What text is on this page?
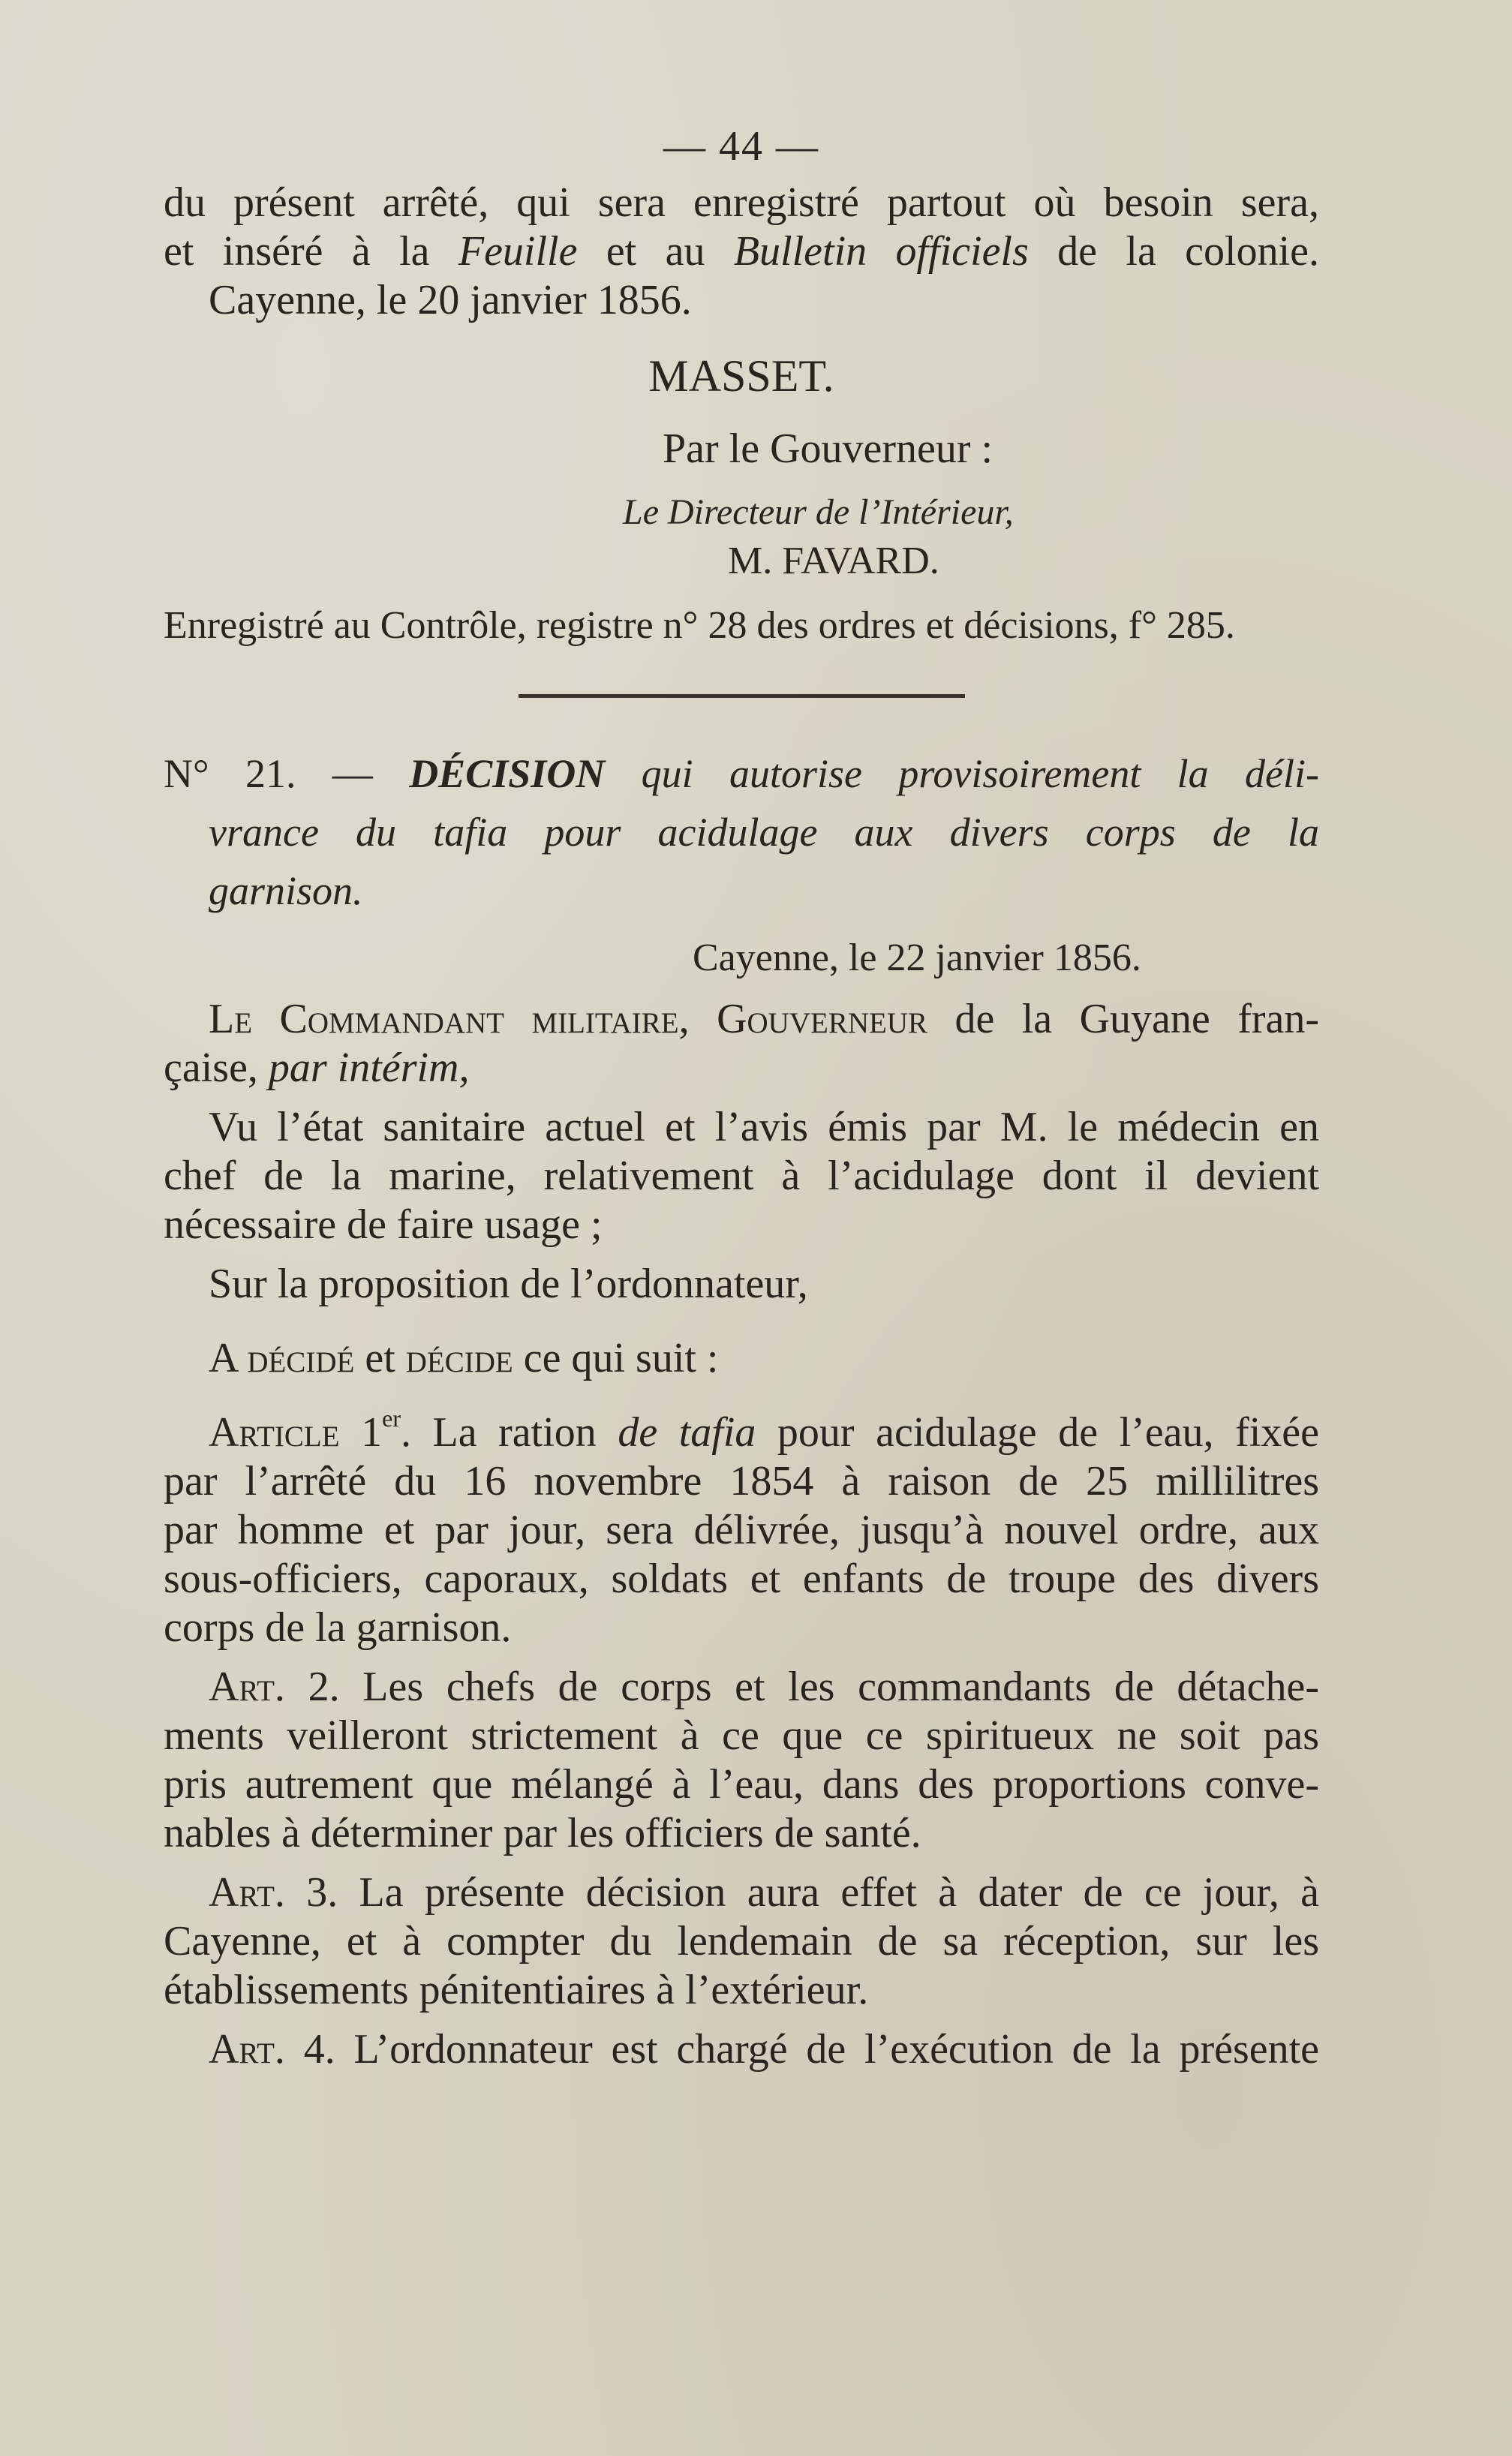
— 44 —
du présent arrêté, qui sera enregistré partout où besoin sera,
et inséré à la Feuille et au Bulletin officiels de la colonie.
Cayenne, le 20 janvier 1856.
MASSET.
Par le Gouverneur :
Le Directeur de l’Intérieur,
M. FAVARD.
Enregistré au Contrôle, registre n° 28 des ordres et décisions, f° 285.
N° 21. — DÉCISION qui autorise provisoirement la déli-
vrance du tafia pour acidulage aux divers corps de la
garnison.
Cayenne, le 22 janvier 1856.
Le Commandant militaire, Gouverneur de la Guyane fran-
çaise, par intérim,
Vu l’état sanitaire actuel et l’avis émis par M. le médecin en
chef de la marine, relativement à l’acidulage dont il devient
nécessaire de faire usage ;
Sur la proposition de l’ordonnateur,
A décidé et décide ce qui suit :
Article 1er. La ration de tafia pour acidulage de l’eau, fixée
par l’arrêté du 16 novembre 1854 à raison de 25 millilitres
par homme et par jour, sera délivrée, jusqu’à nouvel ordre, aux
sous-officiers, caporaux, soldats et enfants de troupe des divers
corps de la garnison.
Art. 2. Les chefs de corps et les commandants de détache-
ments veilleront strictement à ce que ce spiritueux ne soit pas
pris autrement que mélangé à l’eau, dans des proportions conve-
nables à déterminer par les officiers de santé.
Art. 3. La présente décision aura effet à dater de ce jour, à
Cayenne, et à compter du lendemain de sa réception, sur les
établissements pénitentiaires à l’extérieur.
Art. 4. L’ordonnateur est chargé de l’exécution de la présente
